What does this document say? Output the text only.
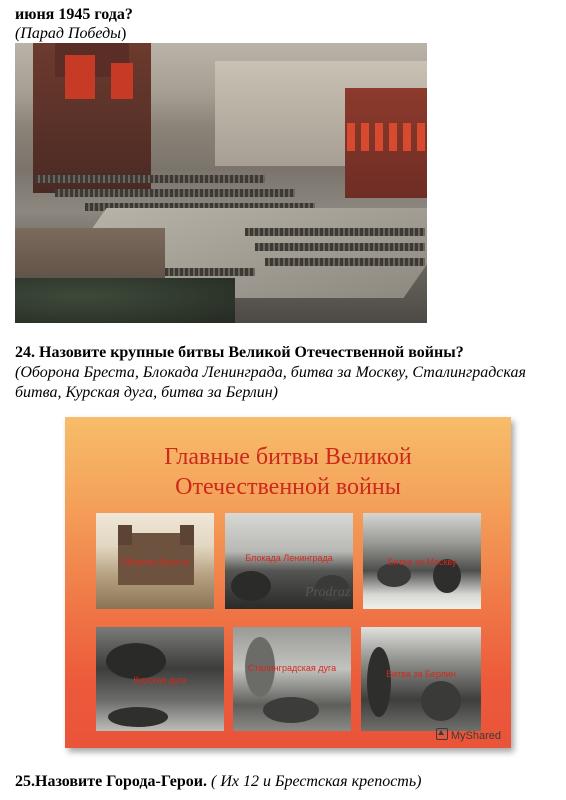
июня 1945 года?

(Парад Победы)

24. Назовите крупные битвы Великой Отечественной войны?

(Оборона Бреста, Блокада Ленинграда, битва за Москву, Сталинградская

битва, Курская дуга, битва за Берлин)

Главные битвы Великой
Отечественной войны
Оборона Бреста	Блокада Ленинграда	Битва за Москву
Курская дуга
Сталинградская дуга
Битва за Берлин
Prodraz
MyShared

25.Назовите Города-Герои. ( Их 12 и Брестская крепость)
